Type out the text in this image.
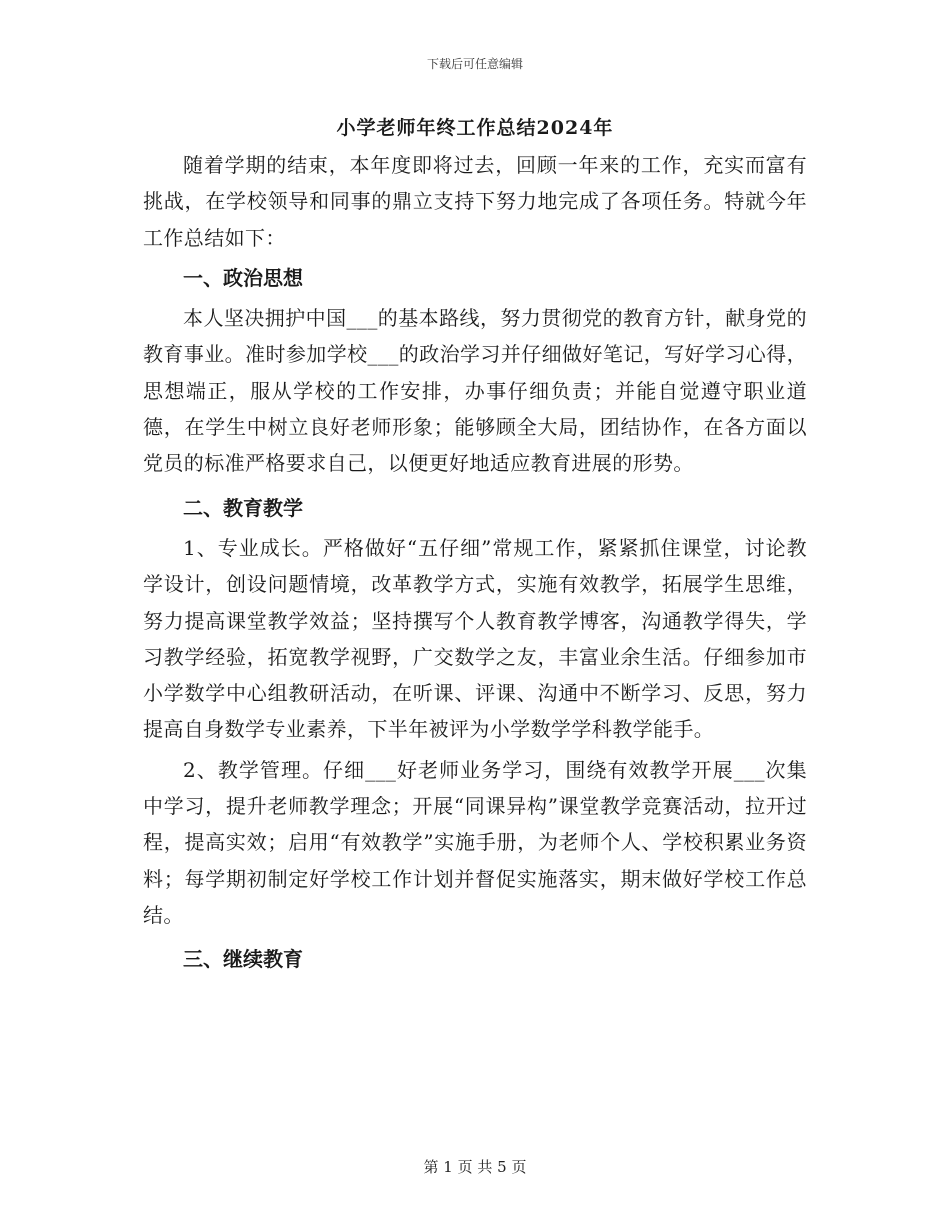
下载后可任意编辑
小学老师年终工作总结2024年

随着学期的结束，本年度即将过去，回顾一年来的工作，充实而富有挑战，在学校领导和同事的鼎立支持下努力地完成了各项任务。特就今年工作总结如下：

一、政治思想

本人坚决拥护中国___的基本路线，努力贯彻党的教育方针，献身党的教育事业。准时参加学校___的政治学习并仔细做好笔记，写好学习心得，思想端正，服从学校的工作安排，办事仔细负责；并能自觉遵守职业道德，在学生中树立良好老师形象；能够顾全大局，团结协作，在各方面以党员的标准严格要求自己，以便更好地适应教育进展的形势。

二、教育教学

1、专业成长。严格做好“五仔细”常规工作，紧紧抓住课堂，讨论教学设计，创设问题情境，改革教学方式，实施有效教学，拓展学生思维，努力提高课堂教学效益；坚持撰写个人教育教学博客，沟通教学得失，学习教学经验，拓宽教学视野，广交数学之友，丰富业余生活。仔细参加市小学数学中心组教研活动，在听课、评课、沟通中不断学习、反思，努力提高自身数学专业素养，下半年被评为小学数学学科教学能手。

2、教学管理。仔细___好老师业务学习，围绕有效教学开展___次集中学习，提升老师教学理念；开展“同课异构”课堂教学竞赛活动，拉开过程，提高实效；启用“有效教学”实施手册，为老师个人、学校积累业务资料；每学期初制定好学校工作计划并督促实施落实，期末做好学校工作总结。

三、继续教育

第 1 页 共 5 页
